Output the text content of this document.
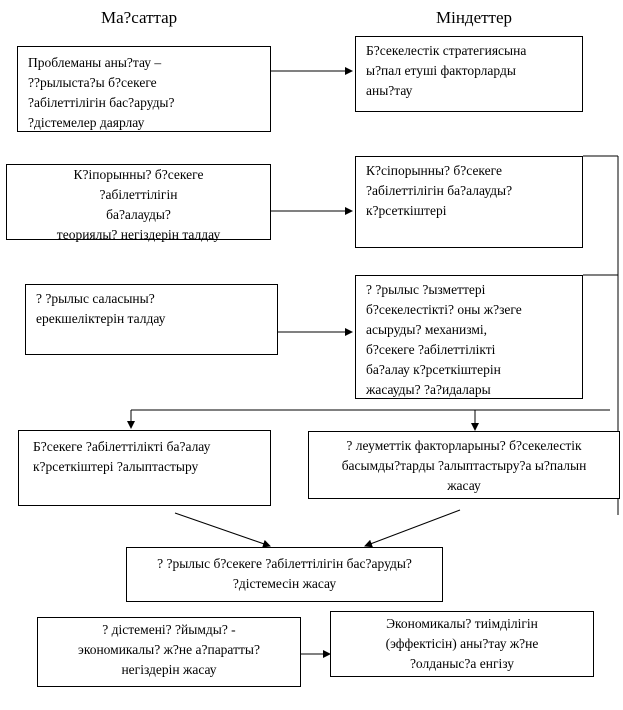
Ма?саттар	Міндеттер
Проблеманы аны?тау –
??рылыста?ы б?секеге
?абілеттілігін бас?аруды?
?дістемелер даярлау
Б?секелестік стратегиясына
ы?пал етуші факторларды
аны?тау
К?іпорынны? б?секеге
?абілеттілігін
ба?алауды?
теориялы? негіздерін талдау
К?сіпорынны? б?секеге
?абілеттілігін ба?алауды?
к?рсеткіштері
? ?рылыс саласыны?
ерекшеліктерін талдау
? ?рылыс ?ызметтері
б?секелестікті? оны ж?зеге
асыруды? механизмі,
б?секеге ?абілеттілікті
ба?алау к?рсеткіштерін
жасауды? ?а?идалары
Б?секеге ?абілеттілікті ба?алау
к?рсеткіштері ?алыптастыру
? леуметтік факторларыны? б?секелестік
басымды?тарды ?алыптастыру?а ы?палын
жасау
? ?рылыс б?секеге ?абілеттілігін бас?аруды?
?дістемесін жасау
? дістемені? ?йымды? -
экономикалы? ж?не а?паратты?
негіздерін жасау
Экономикалы? тиімділігін
(эффектісін) аны?тау ж?не
?олданыс?а енгізу
